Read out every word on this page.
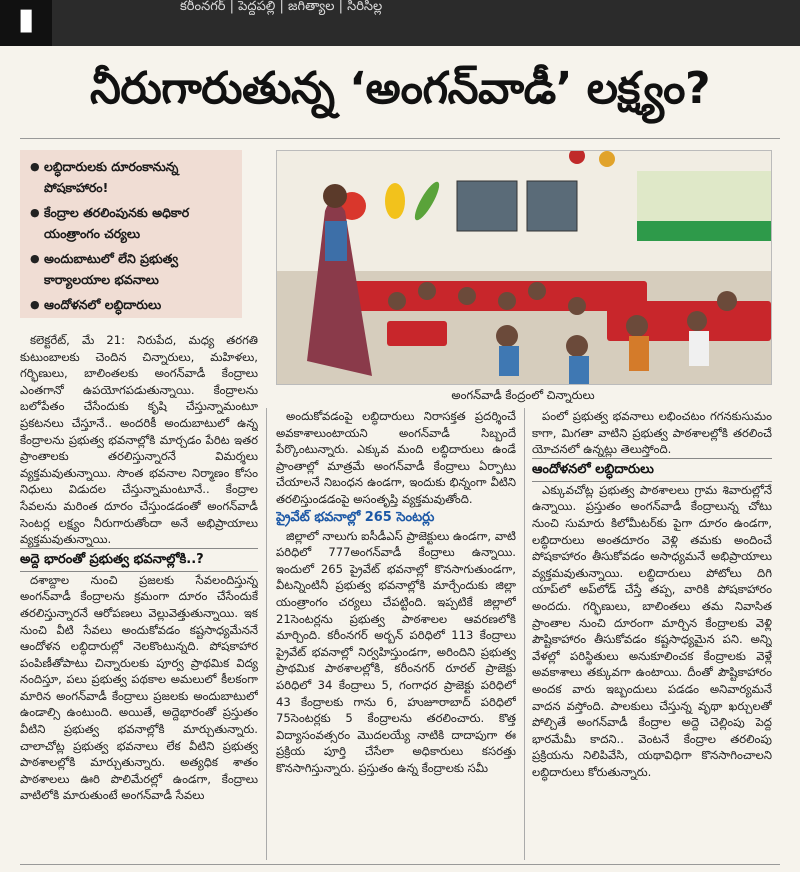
▮	కరీంనగర్ | పెద్దపల్లి | జగిత్యాల | సిరిసిల్ల
నీరుగారుతున్న ‘అంగన్‌వాడీ’ లక్ష్యం?
● లబ్ధిదారులకు దూరంకానున్న పోషకాహారం!
● కేంద్రాల తరలింపునకు అధికార యంత్రాంగం చర్యలు
● అందుబాటులో లేని ప్రభుత్వ కార్యాలయాల భవనాలు
● ఆందోళనలో లబ్ధిదారులు
అంగన్‌వాడీ కేంద్రంలో చిన్నారులు

కలెక్టరేట్‌, మే 21: నిరుపేద, మధ్య తరగతి కుటుంబాలకు చెందిన చిన్నారులు, మహిళలు, గర్భిణులు, బాలింతలకు అంగన్‌వాడీ కేంద్రాలు ఎంతగానో ఉపయోగపడుతున్నాయి. కేంద్రాలను బలోపేతం చేసేందుకు కృషి చేస్తున్నామంటూ ప్రకటనలు చేస్తూనే.. అందరికీ అందుబాటులో ఉన్న కేంద్రాలను ప్రభుత్వ భవనాల్లోకి మార్చడం పేరిట ఇతర ప్రాంతాలకు తరలిస్తున్నారనే విమర్శలు వ్యక్తమవుతున్నాయి. సొంత భవనాల నిర్మాణం కోసం నిధులు విడుదల చేస్తున్నామంటూనే.. కేంద్రాల సేవలను మరింత దూరం చేస్తుండడంతో అంగన్‌వాడీ సెంటర్ల లక్ష్యం నీరుగారుతోందా అనే అభిప్రాయాలు వ్యక్తమవుతున్నాయి.

అద్దె భారంతో ప్రభుత్వ భవనాల్లోకి..?

దశాబ్దాల నుంచి ప్రజలకు సేవలందిస్తున్న అంగన్‌వాడీ కేంద్రాలను క్రమంగా దూరం చేసేందుకే తరలిస్తున్నారనే ఆరోపణలు వెల్లువెత్తుతున్నాయి. ఇక నుంచి వీటి సేవలు అందుకోవడం కష్టసాధ్యమేననే ఆందోళన లబ్ధిదారుల్లో నెలకొంటున్నది. పోషకాహార పంపిణీతోపాటు చిన్నారులకు పూర్వ ప్రాథమిక విద్య నందిస్తూ, పలు ప్రభుత్వ పథకాల అమలులో కీలకంగా మారిన అంగన్‌వాడీ కేంద్రాలు ప్రజలకు అందుబాటులో ఉండాల్సి ఉంటుంది. అయితే, అద్దెభారంతో ప్రస్తుతం వీటిని ప్రభుత్వ భవనాల్లోకి మార్చుతున్నారు. చాలాచోట్ల ప్రభుత్వ భవనాలు లేక వీటిని ప్రభుత్వ పాఠశాలల్లోకి మార్చుతున్నారు. అత్యధిక శాతం పాఠశాలలు ఊరి పొలిమేరల్లో ఉండగా, కేంద్రాలు వాటిలోకి మారుతుంటే అంగన్‌వాడీ సేవలు

అందుకోవడంపై లబ్ధిదారులు నిరాసక్తత ప్రదర్శించే అవకాశాలుంటాయని అంగన్‌వాడీ సిబ్బందే పేర్కొంటున్నారు. ఎక్కువ మంది లబ్ధిదారులు ఉండే ప్రాంతాల్లో మాత్రమే అంగన్‌వాడీ కేంద్రాలు ఏర్పాటు చేయాలనే నిబంధన ఉండగా, ఇందుకు భిన్నంగా వీటిని తరలిస్తుండడంపై అసంతృప్తి వ్యక్తమవుతోంది.

ప్రైవేట్‌ భవనాల్లో 265 సెంటర్లు

జిల్లాలో నాలుగు ఐసీడీఎస్‌ ప్రాజెక్టులు ఉండగా, వాటి పరిధిలో 777అంగన్‌వాడీ కేంద్రాలు ఉన్నాయి. ఇందులో 265 ప్రైవేట్‌ భవనాల్లో కొనసాగుతుండగా, వీటన్నింటినీ ప్రభుత్వ భవనాల్లోకి మార్చేందుకు జిల్లా యంత్రాంగం చర్యలు చేపట్టింది. ఇప్పటికే జిల్లాలో 21సెంటర్లను ప్రభుత్వ పాఠశాలల ఆవరణలోకి మార్చింది. కరీంనగర్‌ అర్బన్‌ పరిధిలో 113 కేంద్రాలు ప్రైవేట్‌ భవనాల్లో నిర్వహిస్తుండగా, అరిందిని ప్రభుత్వ ప్రాథమిక పాఠశాలల్లోకి, కరీంనగర్‌ రూరల్‌ ప్రాజెక్టు పరిధిలో 34 కేంద్రాలు 5, గంగాధర ప్రాజెక్టు పరిధిలో 43 కేంద్రాలకు గాను 6, హుజూరాబాద్‌ పరిధిలో 75సెంటర్లకు 5 కేంద్రాలను తరలించారు. కొత్త విద్యాసంవత్సరం మొదలయ్యే నాటికి దాదాపుగా ఈ ప్రక్రియ పూర్తి చేసేలా అధికారులు కసరత్తు కొనసాగిస్తున్నారు. ప్రస్తుతం ఉన్న కేంద్రాలకు సమీ

పంలో ప్రభుత్వ భవనాలు లభించటం గగనకుసుమం కాగా, మిగతా వాటిని ప్రభుత్వ పాఠశాలల్లోకి తరలించే యోచనలో ఉన్నట్లు తెలుస్తోంది.

ఆందోళనలో లబ్ధిదారులు

ఎక్కువచోట్ల ప్రభుత్వ పాఠశాలలు గ్రామ శివారుల్లోనే ఉన్నాయి. ప్రస్తుతం అంగన్‌వాడీ కేంద్రాలున్న చోటు నుంచి సుమారు కిలోమీటర్‌కు పైగా దూరం ఉండగా, లబ్ధిదారులు అంతదూరం వెళ్లి తమకు అందించే పోషకాహారం తీసుకోవడం అసాధ్యమనే అభిప్రాయాలు వ్యక్తమవుతున్నాయి. లబ్ధిదారులు పోటోలు దిగి యాప్‌లో అప్‌లోడ్‌ చేస్తే తప్ప, వారికి పోషకాహారం అందదు. గర్భిణులు, బాలింతలు తమ నివాసిత ప్రాంతాల నుంచి దూరంగా మార్చిన కేంద్రాలకు వెళ్లి పౌష్టికాహారం తీసుకోవడం కష్టసాధ్యమైన పని. అన్ని వేళల్లో పరిస్థితులు అనుకూలించక కేంద్రాలకు వెళ్లే అవకాశాలు తక్కువగా ఉంటాయి. దీంతో పౌష్టికాహారం అందక వారు ఇబ్బందులు పడడం అనివార్యమనే వాదన వస్తోంది. పాలకులు చేస్తున్న వృథా ఖర్చులతో పోల్చితే అంగన్‌వాడీ కేంద్రాల అద్దె చెల్లింపు పెద్ద భారమేమీ కాదని.. వెంటనే కేంద్రాల తరలింపు ప్రక్రియను నిలిపివేసి, యథావిధిగా కొనసాగించాలని లబ్ధిదారులు కోరుతున్నారు.
